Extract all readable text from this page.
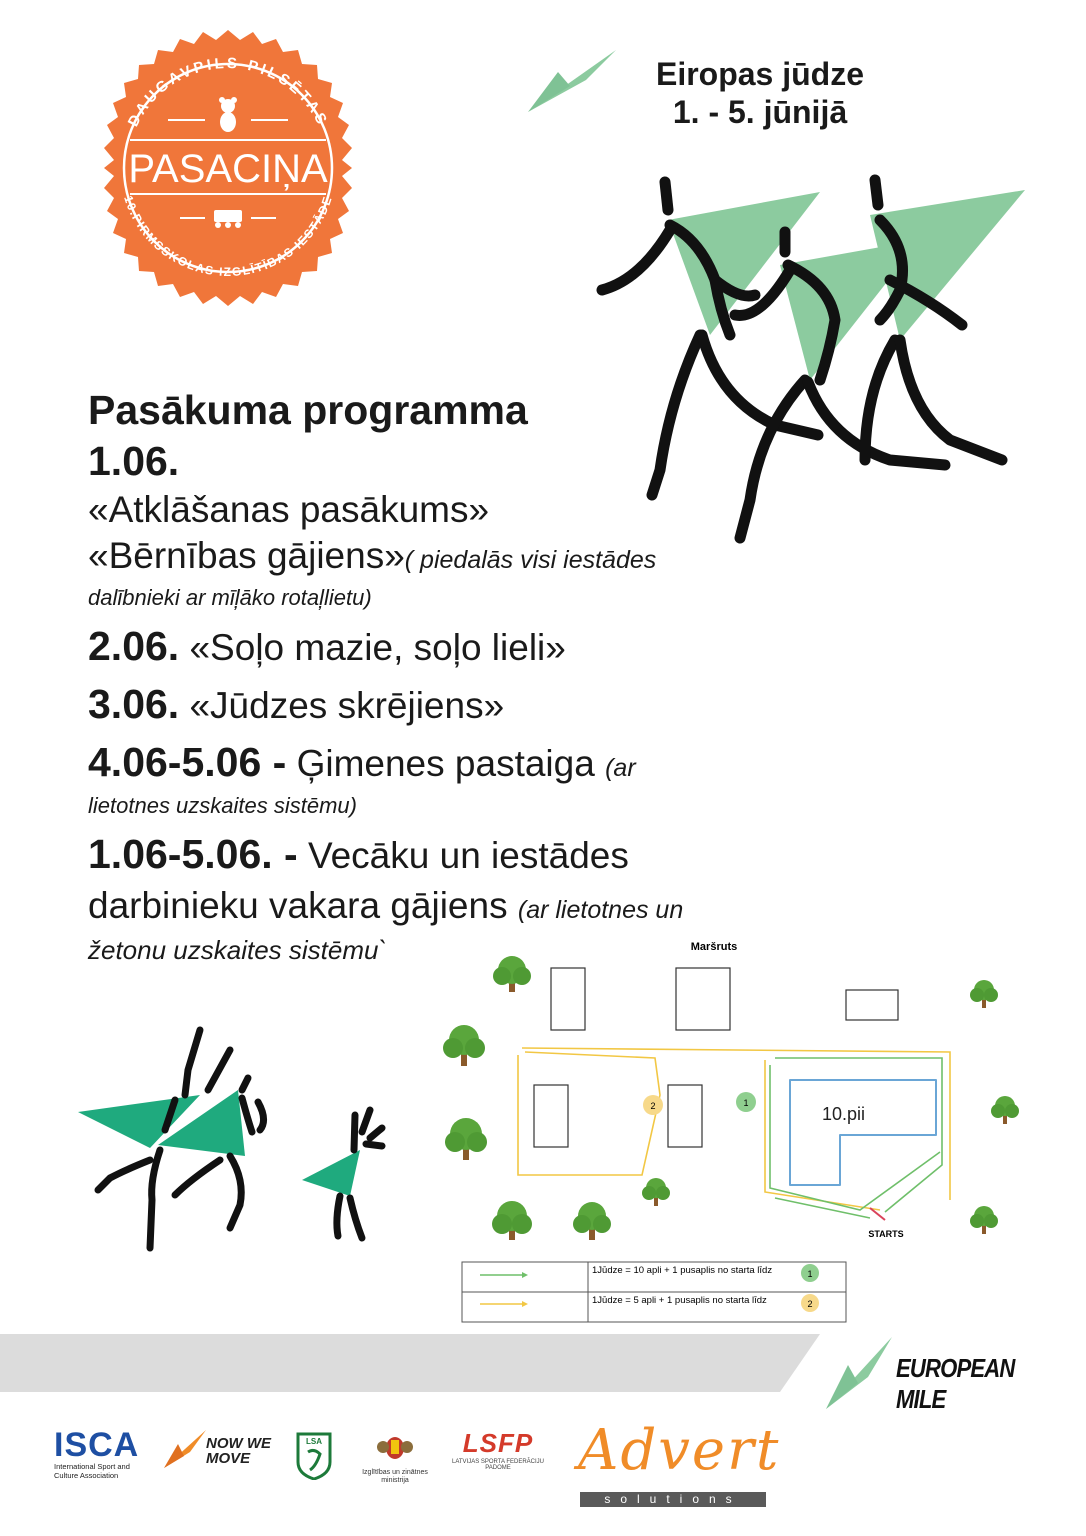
DAUGAVPILS PILSĒTAS
10.PIRMSSKOLAS IZGLĪTĪBAS IESTĀDE
PASACIŅA
Eiropas jūdze
1. - 5. jūnijā
Pasākuma programma
1.06.
«Atklāšanas pasākums»
«Bērnības gājiens»( piedalās visi iestādes
dalībnieki ar mīļāko rotaļlietu)
2.06. «Soļo mazie, soļo lieli»
3.06. «Jūdzes skrējiens»
4.06-5.06 - Ģimenes pastaiga (ar
lietotnes uzskaites sistēmu)
1.06-5.06. - Vecāku un iestādes
darbinieku vakara gājiens (ar lietotnes un
žetonu uzskaites sistēmu`	Maršruts
10.pii
STARTS
2	1
1Jūdze = 10 apli + 1 pusaplis no starta līdz
1Jūdze = 5 apli + 1 pusaplis no starta līdz
1
2
EUROPEAN MILE
ISCA
International Sport and Culture Association
NOW WE MOVE
LSA
Izglītības un zinātnes ministrija
LSFP
LATVIJAS SPORTA FEDERĀCIJU PADOME	Advert
solutions
